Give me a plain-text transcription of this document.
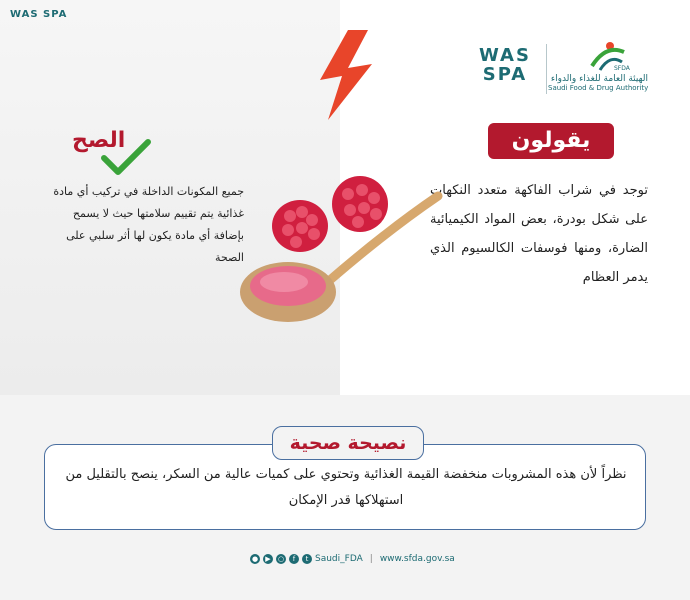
WAS SPA
WAS SPA	SFDA
الهيئة العامة للغذاء والدواء
Saudi Food & Drug Authority
يقولون
توجد في شراب الفاكهة متعدد النكهات على شكل بودرة، بعض المواد الكيميائية الضارة، ومنها فوسفات الكالسيوم الذي يدمر العظام
الصح
جميع المكونات الداخلة في تركيب أي مادة غذائية يتم تقييم سلامتها حيث لا يسمح بإضافة أي مادة يكون لها أثر سلبي على الصحة
نصيحة صحية
نظراً لأن هذه المشروبات منخفضة القيمة الغذائية وتحتوي على كميات عالية من السكر، ينصح بالتقليل من استهلاكها قدر الإمكان
●	▶	○	f	t Saudi_FDA | www.sfda.gov.sa
